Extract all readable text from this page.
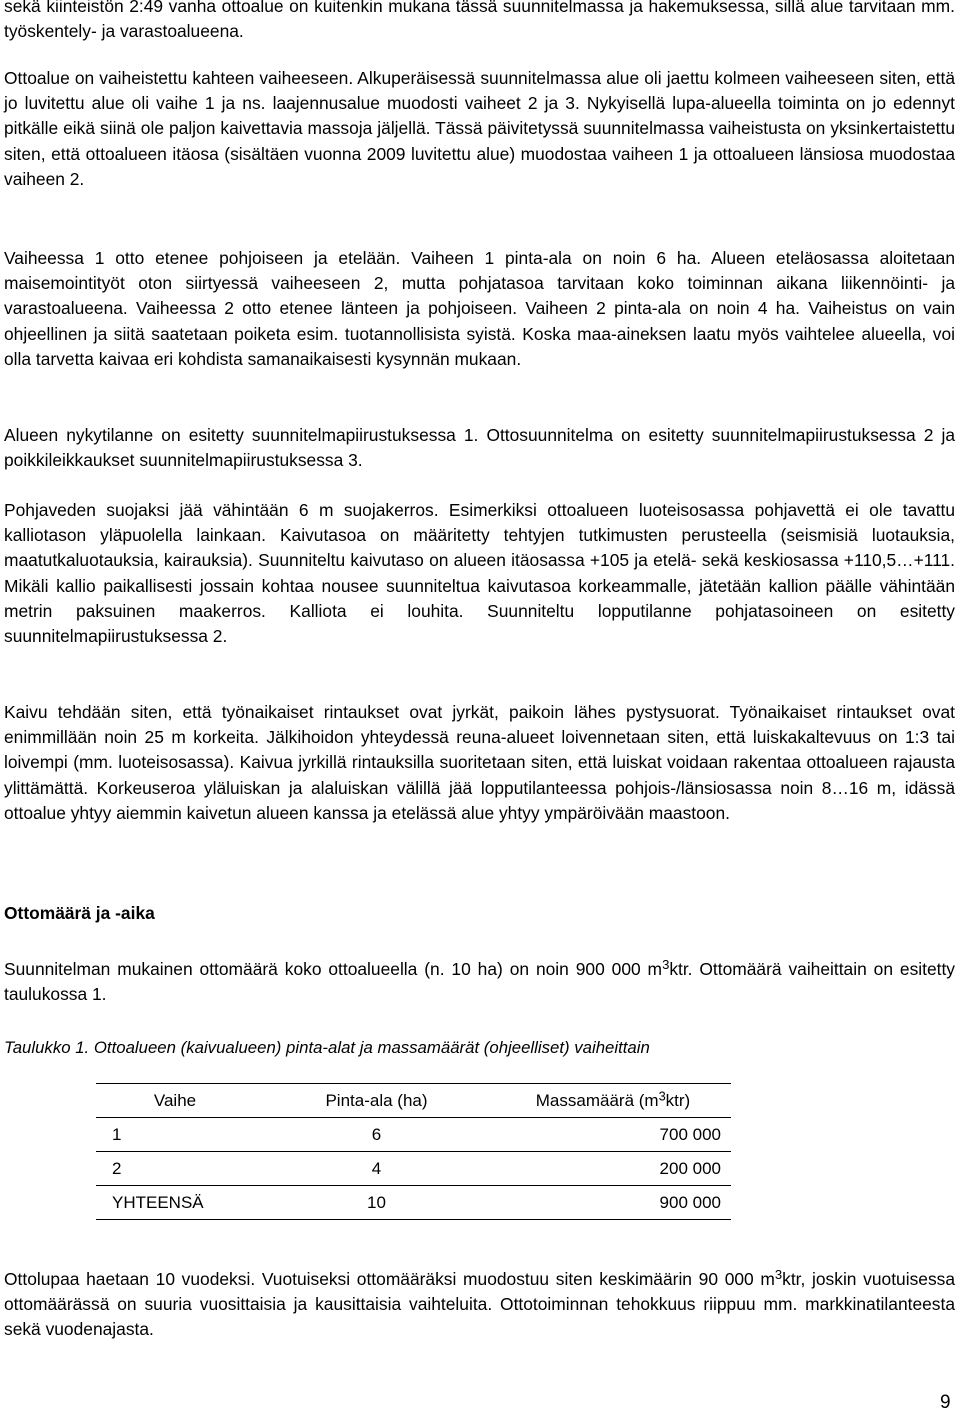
sekä kiinteistön 2:49 vanha ottoalue on kuitenkin mukana tässä suunnitelmassa ja hakemuksessa, sillä alue tarvitaan mm. työskentely- ja varastoalueena.

Ottoalue on vaiheistettu kahteen vaiheeseen. Alkuperäisessä suunnitelmassa alue oli jaettu kolmeen vaiheeseen siten, että jo luvitettu alue oli vaihe 1 ja ns. laajennusalue muodosti vaiheet 2 ja 3. Nykyisellä lupa-alueella toiminta on jo edennyt pitkälle eikä siinä ole paljon kaivettavia massoja jäljellä. Tässä päivitetyssä suunnitelmassa vaiheistusta on yksinkertaistettu siten, että ottoalueen itäosa (sisältäen vuonna 2009 luvitettu alue) muodostaa vaiheen 1 ja ottoalueen länsiosa muodostaa vaiheen 2.

Vaiheessa 1 otto etenee pohjoiseen ja etelään. Vaiheen 1 pinta-ala on noin 6 ha. Alueen eteläosassa aloitetaan maisemointityöt oton siirtyessä vaiheeseen 2, mutta pohjatasoa tarvitaan koko toiminnan aikana liikennöinti- ja varastoalueena. Vaiheessa 2 otto etenee länteen ja pohjoiseen. Vaiheen 2 pinta-ala on noin 4 ha. Vaiheistus on vain ohjeellinen ja siitä saatetaan poiketa esim. tuotannollisista syistä. Koska maa-aineksen laatu myös vaihtelee alueella, voi olla tarvetta kaivaa eri kohdista samanaikaisesti kysynnän mukaan.

Alueen nykytilanne on esitetty suunnitelmapiirustuksessa 1. Ottosuunnitelma on esitetty suunnitelmapiirustuksessa 2 ja poikkileikkaukset suunnitelmapiirustuksessa 3.

Pohjaveden suojaksi jää vähintään 6 m suojakerros. Esimerkiksi ottoalueen luoteisosassa pohjavettä ei ole tavattu kalliotason yläpuolella lainkaan. Kaivutasoa on määritetty tehtyjen tutkimusten perusteella (seismisiä luotauksia, maatutkaluotauksia, kairauksia). Suunniteltu kaivutaso on alueen itäosassa +105 ja etelä- sekä keskiosassa +110,5…+111. Mikäli kallio paikallisesti jossain kohtaa nousee suunniteltua kaivutasoa korkeammalle, jätetään kallion päälle vähintään metrin paksuinen maakerros. Kalliota ei louhita. Suunniteltu lopputilanne pohjatasoineen on esitetty suunnitelmapiirustuksessa 2.

Kaivu tehdään siten, että työnaikaiset rintaukset ovat jyrkät, paikoin lähes pystysuorat. Työnaikaiset rintaukset ovat enimmillään noin 25 m korkeita. Jälkihoidon yhteydessä reuna-alueet loivennetaan siten, että luiskakaltevuus on 1:3 tai loivempi (mm. luoteisosassa). Kaivua jyrkillä rintauksilla suoritetaan siten, että luiskat voidaan rakentaa ottoalueen rajausta ylittämättä. Korkeuseroa yläluiskan ja alaluiskan välillä jää lopputilanteessa pohjois-/länsiosassa noin 8…16 m, idässä ottoalue yhtyy aiemmin kaivetun alueen kanssa ja etelässä alue yhtyy ympäröivään maastoon.

Ottomäärä ja -aika

Suunnitelman mukainen ottomäärä koko ottoalueella (n. 10 ha) on noin 900 000 $m^3ktr$. Ottomäärä vaiheittain on esitetty taulukossa 1.

Taulukko 1. Ottoalueen (kaivualueen) pinta-alat ja massamäärät (ohjeelliset) vaiheittain

Ottolupaa haetaan 10 vuodeksi. Vuotuiseksi ottomääräksi muodostuu siten keskimäärin 90 000 $m^3ktr$, joskin vuotuisessa ottomäärässä on suuria vuosittaisia ja kausittaisia vaihteluita. Ottotoiminnan tehokkuus riippuu mm. markkinatilanteesta sekä vuodenajasta.

Vaihe	Pinta-ala (ha)	Massamäärä $(m^3ktr)$
1	6	700 000
2	4	200 000
YHTEENSÄ	10	900 000
9
